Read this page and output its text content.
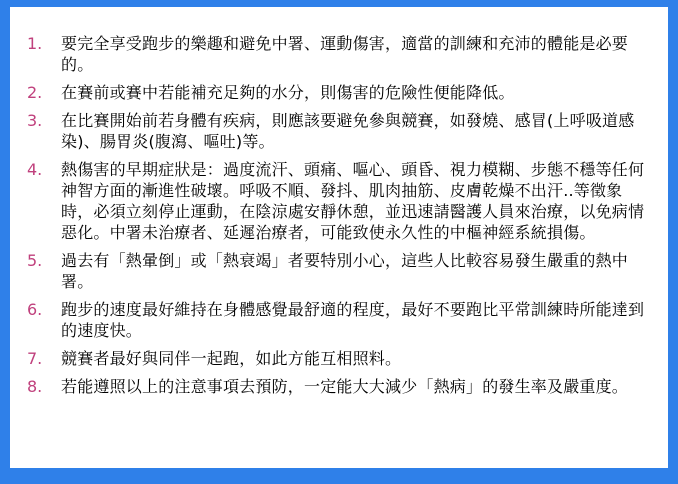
1.	要完全享受跑步的樂趣和避免中署、運動傷害，適當的訓練和充沛的體能是必要的。
2.	在賽前或賽中若能補充足夠的水分，則傷害的危險性便能降低。
3.	在比賽開始前若身體有疾病，則應該要避免參與競賽，如發燒、感冒(上呼吸道感染)、腸胃炎(腹瀉、嘔吐)等。
4.	熱傷害的早期症狀是：過度流汗、頭痛、嘔心、頭昏、視力模糊、步態不穩等任何神智方面的漸進性破壞。呼吸不順、發抖、肌肉抽筋、皮膚乾燥不出汗..等徵象時，必須立刻停止運動，在陰涼處安靜休憩，並迅速請醫護人員來治療，以免病情惡化。中署未治療者、延遲治療者，可能致使永久性的中樞神經系統損傷。
5.	過去有「熱暈倒」或「熱衰竭」者要特別小心，這些人比較容易發生嚴重的熱中署。
6.	跑步的速度最好維持在身體感覺最舒適的程度，最好不要跑比平常訓練時所能達到的速度快。
7.	競賽者最好與同伴一起跑，如此方能互相照料。
8.	若能遵照以上的注意事項去預防，一定能大大減少「熱病」的發生率及嚴重度。
